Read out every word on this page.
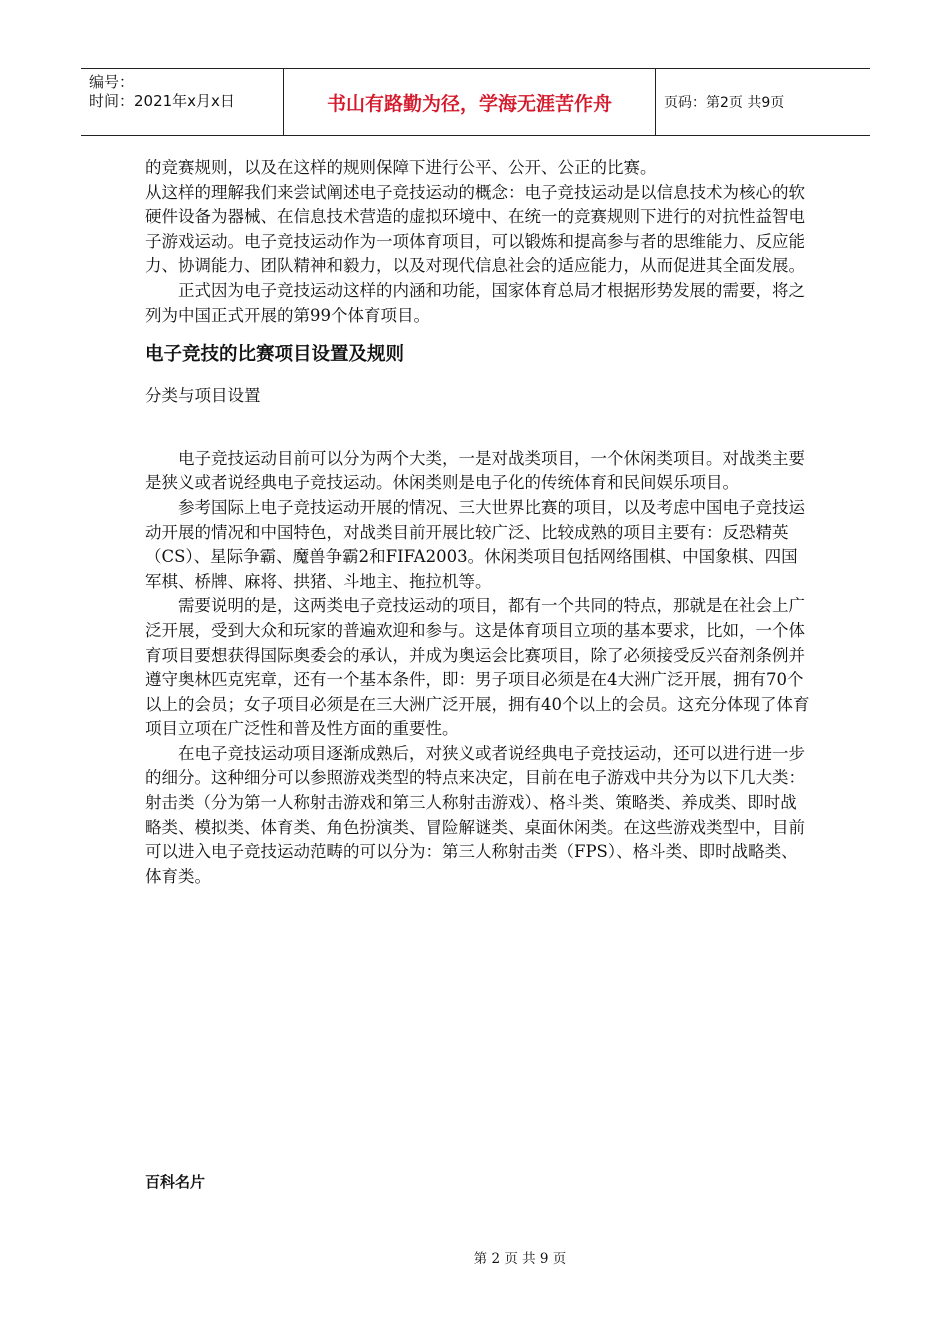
编号：
时间：2021年x月x日	书山有路勤为径，学海无涯苦作舟	页码：第2页 共9页

的竞赛规则，以及在这样的规则保障下进行公平、公开、公正的比赛。

从这样的理解我们来尝试阐述电子竞技运动的概念：电子竞技运动是以信息技术为核心的软硬件设备为器械、在信息技术营造的虚拟环境中、在统一的竞赛规则下进行的对抗性益智电子游戏运动。电子竞技运动作为一项体育项目，可以锻炼和提高参与者的思维能力、反应能力、协调能力、团队精神和毅力，以及对现代信息社会的适应能力，从而促进其全面发展。

正式因为电子竞技运动这样的内涵和功能，国家体育总局才根据形势发展的需要，将之列为中国正式开展的第99个体育项目。

电子竞技的比赛项目设置及规则

分类与项目设置

电子竞技运动目前可以分为两个大类，一是对战类项目，一个休闲类项目。对战类主要是狭义或者说经典电子竞技运动。休闲类则是电子化的传统体育和民间娱乐项目。

参考国际上电子竞技运动开展的情况、三大世界比赛的项目，以及考虑中国电子竞技运动开展的情况和中国特色，对战类目前开展比较广泛、比较成熟的项目主要有：反恐精英（CS）、星际争霸、魔兽争霸2和FIFA2003。休闲类项目包括网络围棋、中国象棋、四国军棋、桥牌、麻将、拱猪、斗地主、拖拉机等。

需要说明的是，这两类电子竞技运动的项目，都有一个共同的特点，那就是在社会上广泛开展，受到大众和玩家的普遍欢迎和参与。这是体育项目立项的基本要求，比如，一个体育项目要想获得国际奥委会的承认，并成为奥运会比赛项目，除了必须接受反兴奋剂条例并遵守奥林匹克宪章，还有一个基本条件，即：男子项目必须是在4大洲广泛开展，拥有70个以上的会员；女子项目必须是在三大洲广泛开展，拥有40个以上的会员。这充分体现了体育项目立项在广泛性和普及性方面的重要性。

在电子竞技运动项目逐渐成熟后，对狭义或者说经典电子竞技运动，还可以进行进一步的细分。这种细分可以参照游戏类型的特点来决定，目前在电子游戏中共分为以下几大类：射击类（分为第一人称射击游戏和第三人称射击游戏）、格斗类、策略类、养成类、即时战略类、模拟类、体育类、角色扮演类、冒险解谜类、桌面休闲类。在这些游戏类型中，目前可以进入电子竞技运动范畴的可以分为：第三人称射击类（FPS）、格斗类、即时战略类、体育类。

百科名片
第 2 页 共 9 页
